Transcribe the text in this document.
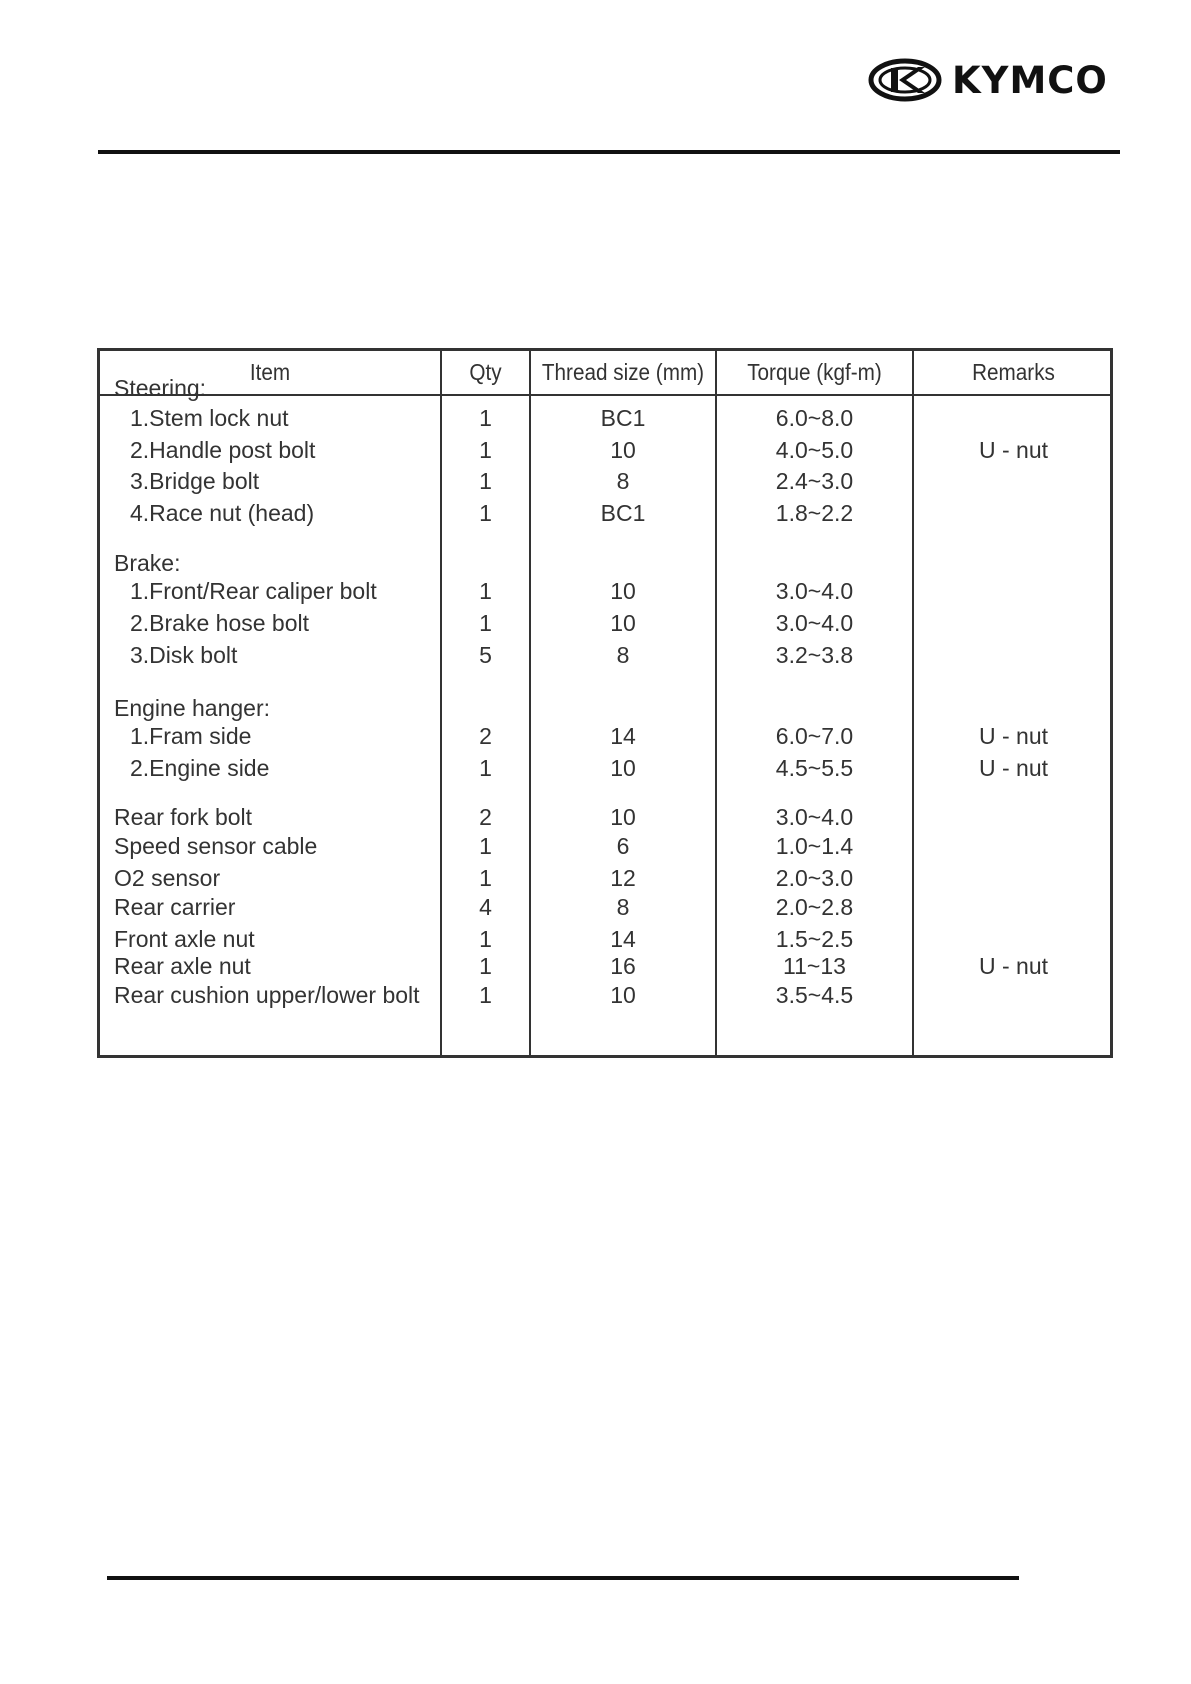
KYMCO
Item	Qty	Thread size (mm)	Torque (kgf-m)	Remarks
Steering:
1.Stem lock nut	1	BC1	6.0~8.0
2.Handle post bolt	1	10	4.0~5.0	U - nut
3.Bridge bolt	1	8	2.4~3.0
4.Race nut (head)	1	BC1	1.8~2.2
Brake:
1.Front/Rear caliper bolt	1	10	3.0~4.0
2.Brake hose bolt	1	10	3.0~4.0
3.Disk bolt	5	8	3.2~3.8
Engine hanger:
1.Fram side	2	14	6.0~7.0	U - nut
2.Engine side	1	10	4.5~5.5	U - nut
Rear fork bolt	2	10	3.0~4.0
Speed sensor cable	1	6	1.0~1.4
O2 sensor	1	12	2.0~3.0
Rear carrier	4	8	2.0~2.8
Front axle nut	1	14	1.5~2.5
Rear axle nut	1	16	11~13	U - nut
Rear cushion upper/lower bolt	1	10	3.5~4.5
